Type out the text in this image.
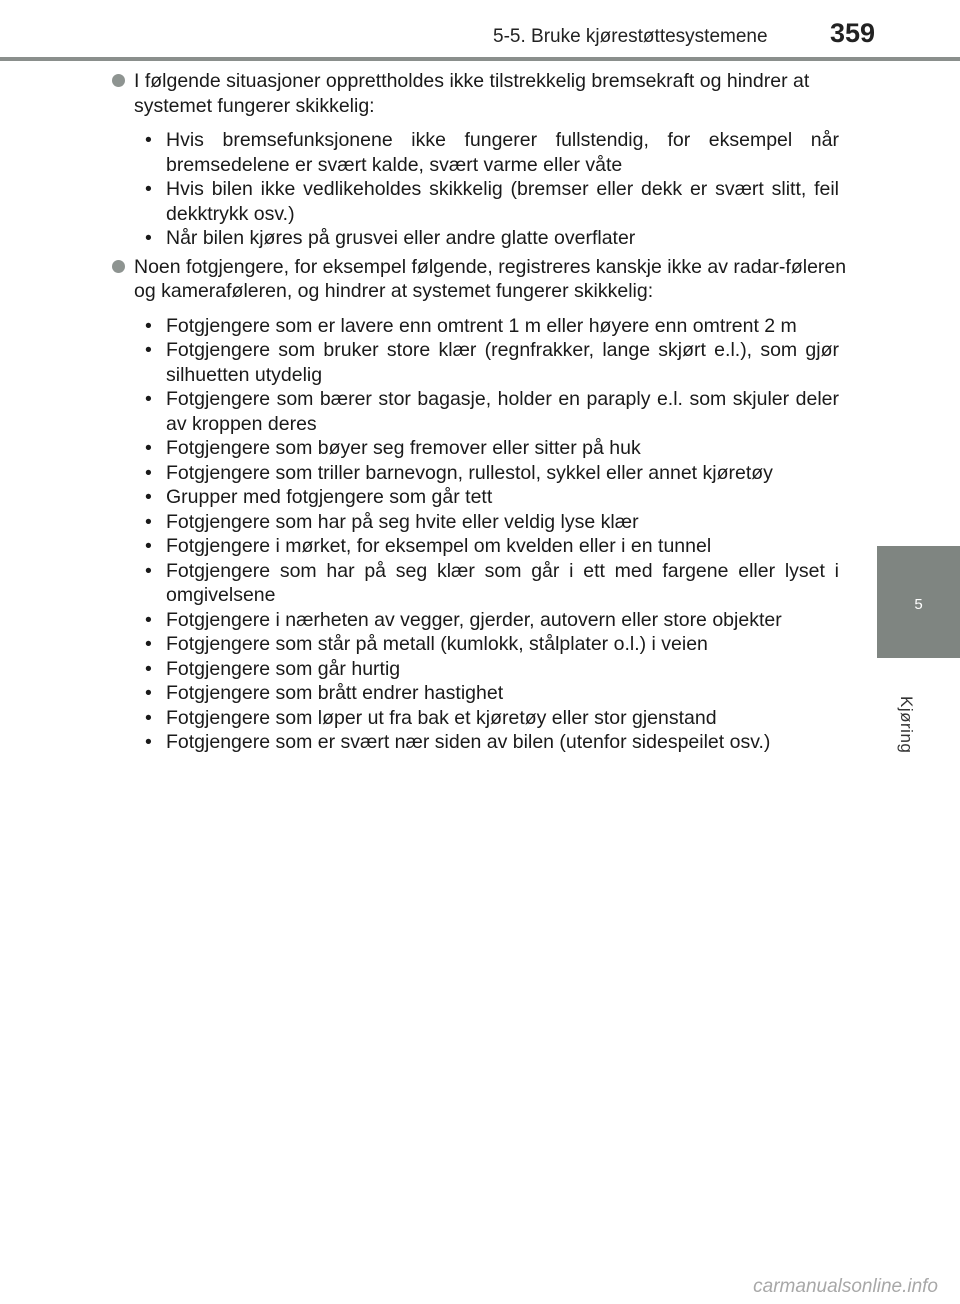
5-5. Bruke kjørestøttesystemene 359
5
Kjøring

I følgende situasjoner opprettholdes ikke tilstrekkelig bremsekraft og hindrer at systemet fungerer skikkelig:

• Hvis bremsefunksjonene ikke fungerer fullstendig, for eksempel når bremsedelene er svært kalde, svært varme eller våte
• Hvis bilen ikke vedlikeholdes skikkelig (bremser eller dekk er svært slitt, feil dekktrykk osv.)
• Når bilen kjøres på grusvei eller andre glatte overflater

Noen fotgjengere, for eksempel følgende, registreres kanskje ikke av radar-føleren og kameraføleren, og hindrer at systemet fungerer skikkelig:

• Fotgjengere som er lavere enn omtrent 1 m eller høyere enn omtrent 2 m
• Fotgjengere som bruker store klær (regnfrakker, lange skjørt e.l.), som gjør silhuetten utydelig
• Fotgjengere som bærer stor bagasje, holder en paraply e.l. som skjuler deler av kroppen deres
• Fotgjengere som bøyer seg fremover eller sitter på huk
• Fotgjengere som triller barnevogn, rullestol, sykkel eller annet kjøretøy
• Grupper med fotgjengere som går tett
• Fotgjengere som har på seg hvite eller veldig lyse klær
• Fotgjengere i mørket, for eksempel om kvelden eller i en tunnel
• Fotgjengere som har på seg klær som går i ett med fargene eller lyset i omgivelsene
• Fotgjengere i nærheten av vegger, gjerder, autovern eller store objekter
• Fotgjengere som står på metall (kumlokk, stålplater o.l.) i veien
• Fotgjengere som går hurtig
• Fotgjengere som brått endrer hastighet
• Fotgjengere som løper ut fra bak et kjøretøy eller stor gjenstand
• Fotgjengere som er svært nær siden av bilen (utenfor sidespeilet osv.)
carmanualsonline.info
